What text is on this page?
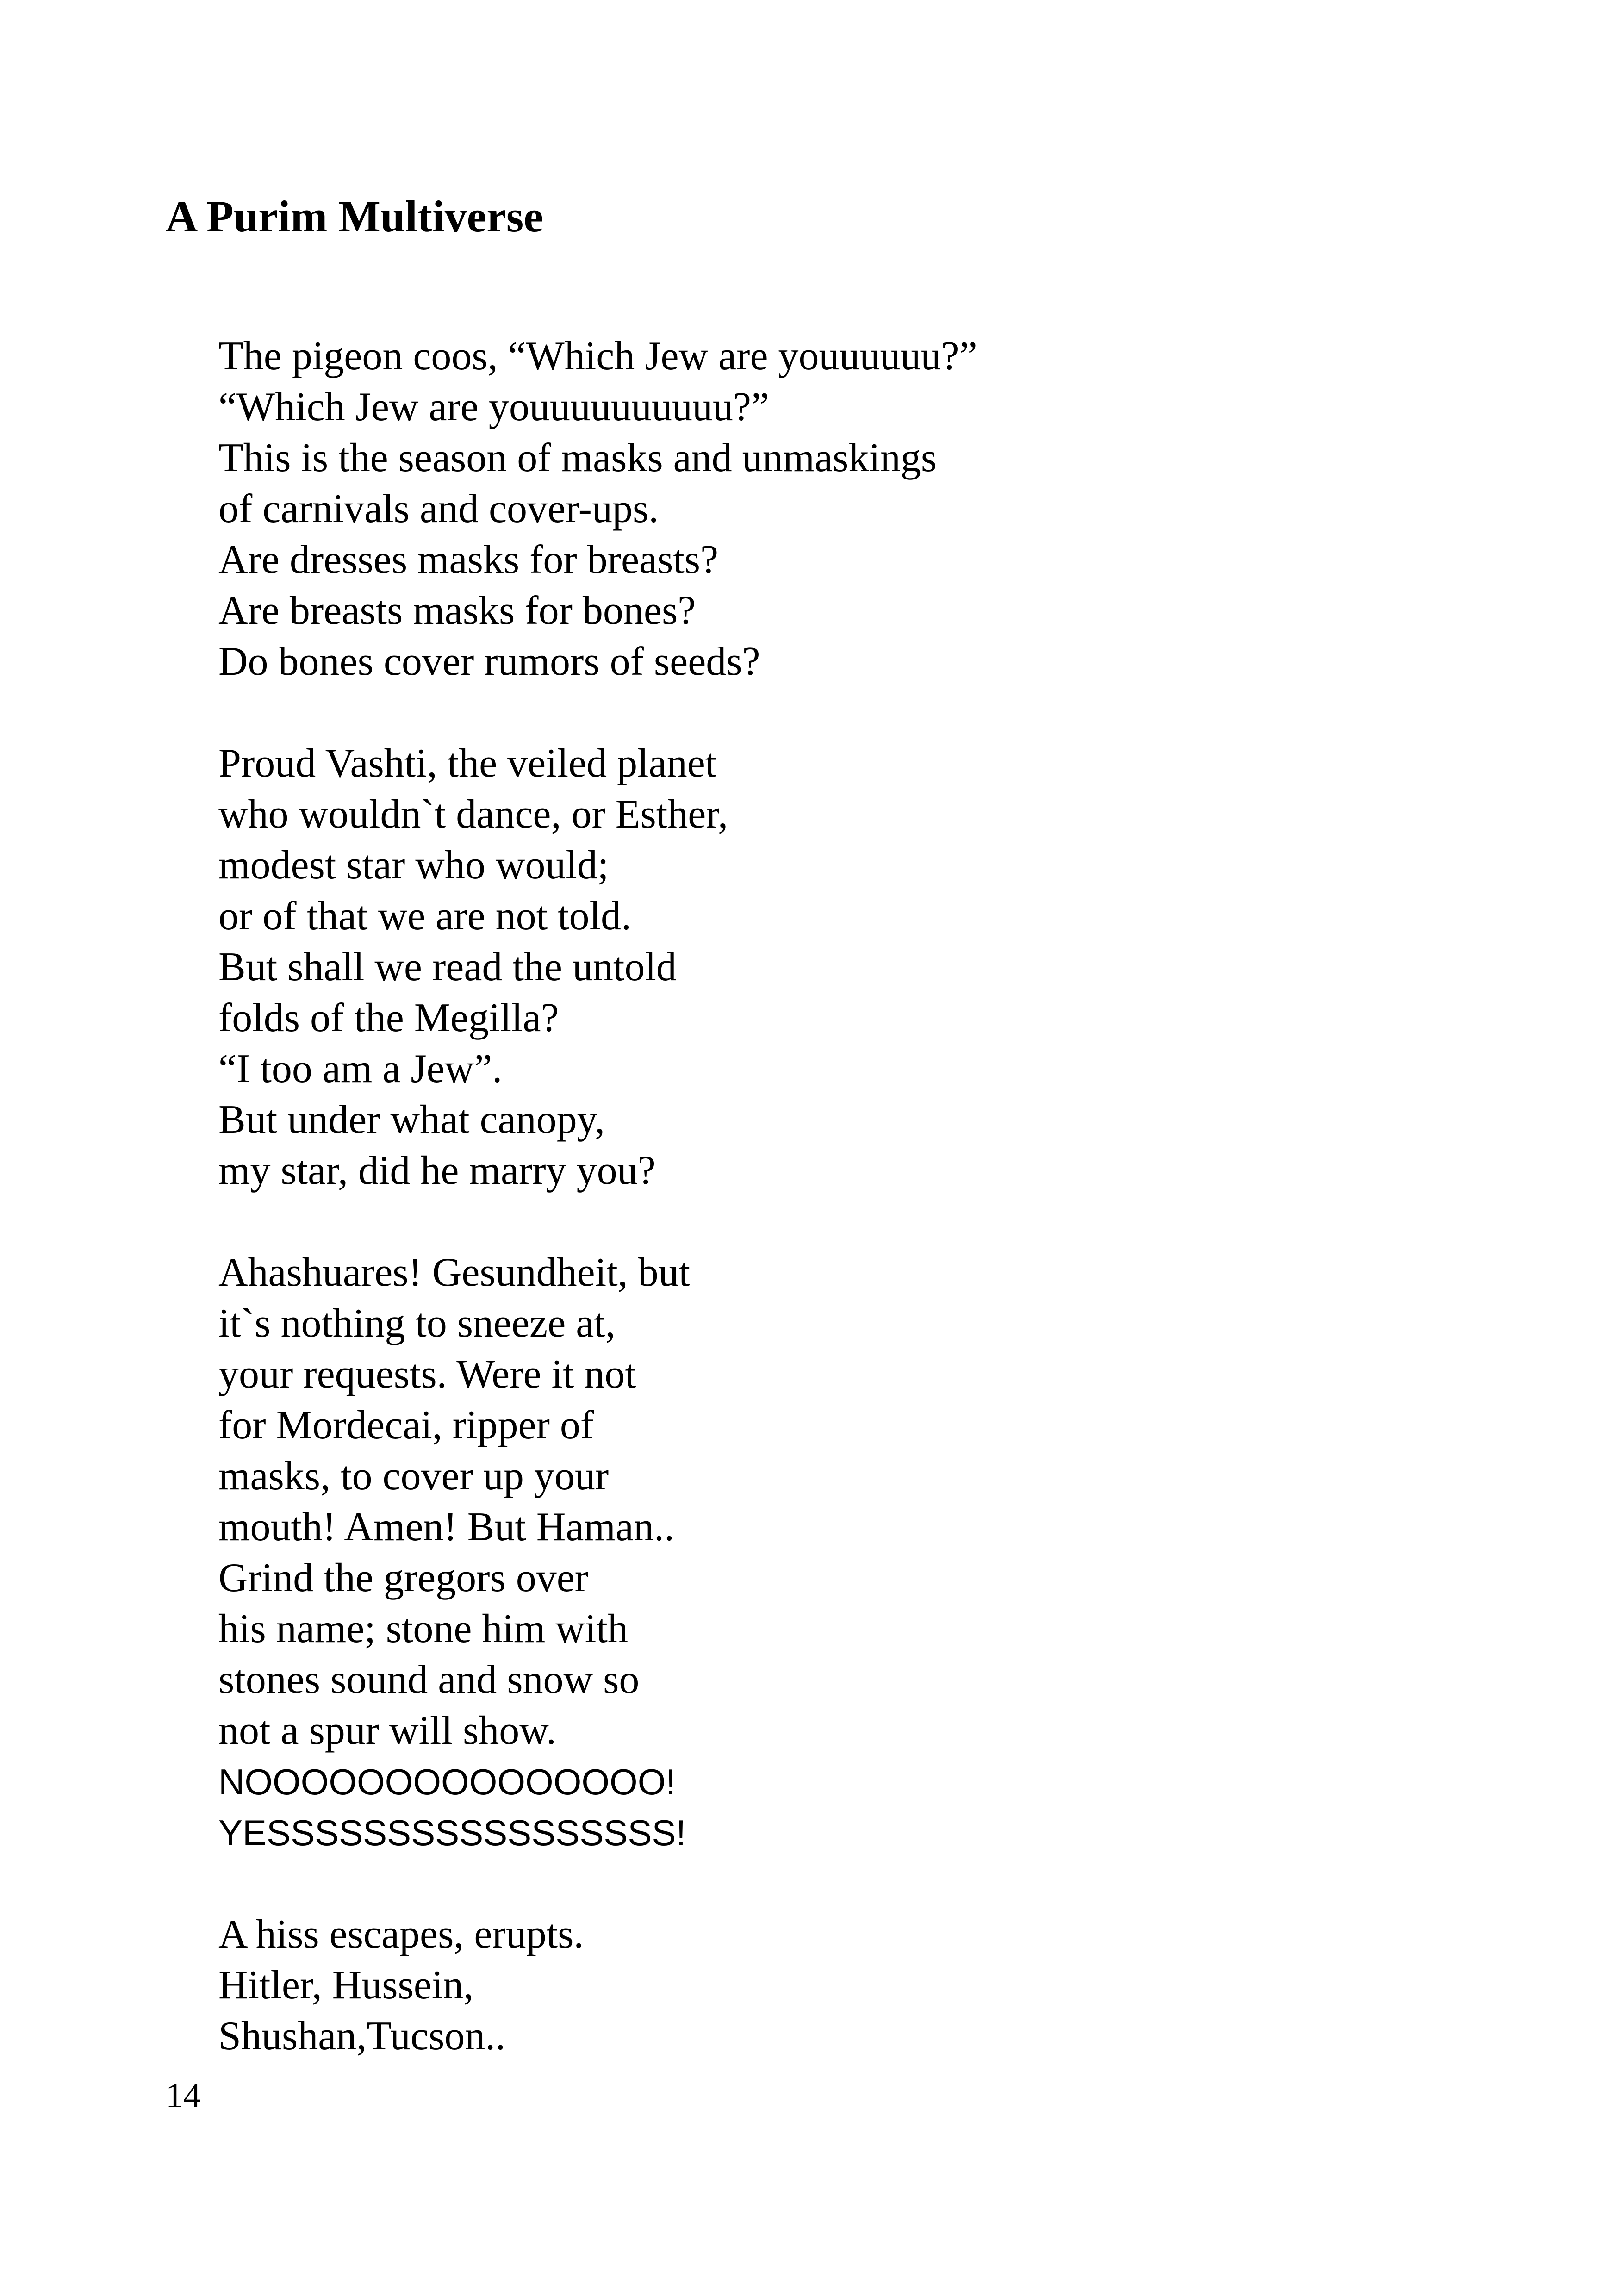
A Purim Multiverse
The pigeon coos, “Which Jew are youuuuuu?”
“Which Jew are youuuuuuuuuu?”
This is the season of masks and unmaskings
of carnivals and cover-ups.
Are dresses masks for breasts?
Are breasts masks for bones?
Do bones cover rumors of seeds?
Proud Vashti, the veiled planet
who wouldn`t dance, or Esther,
modest star who would;
or of that we are not told.
But shall we read the untold
folds of the Megilla?
“I too am a Jew”.
But under what canopy,
my star, did he marry you?
Ahashuares! Gesundheit, but
it`s nothing to sneeze at,
your requests. Were it not
for Mordecai, ripper of
masks, to cover up your
mouth! Amen! But Haman..
Grind the gregors over
his name; stone him with
stones sound and snow so
not a spur will show.
NOOOOOOOOOOOOOOO!
YESSSSSSSSSSSSSSSSS!
A hiss escapes, erupts.
Hitler, Hussein,
Shushan,Tucson..

14
